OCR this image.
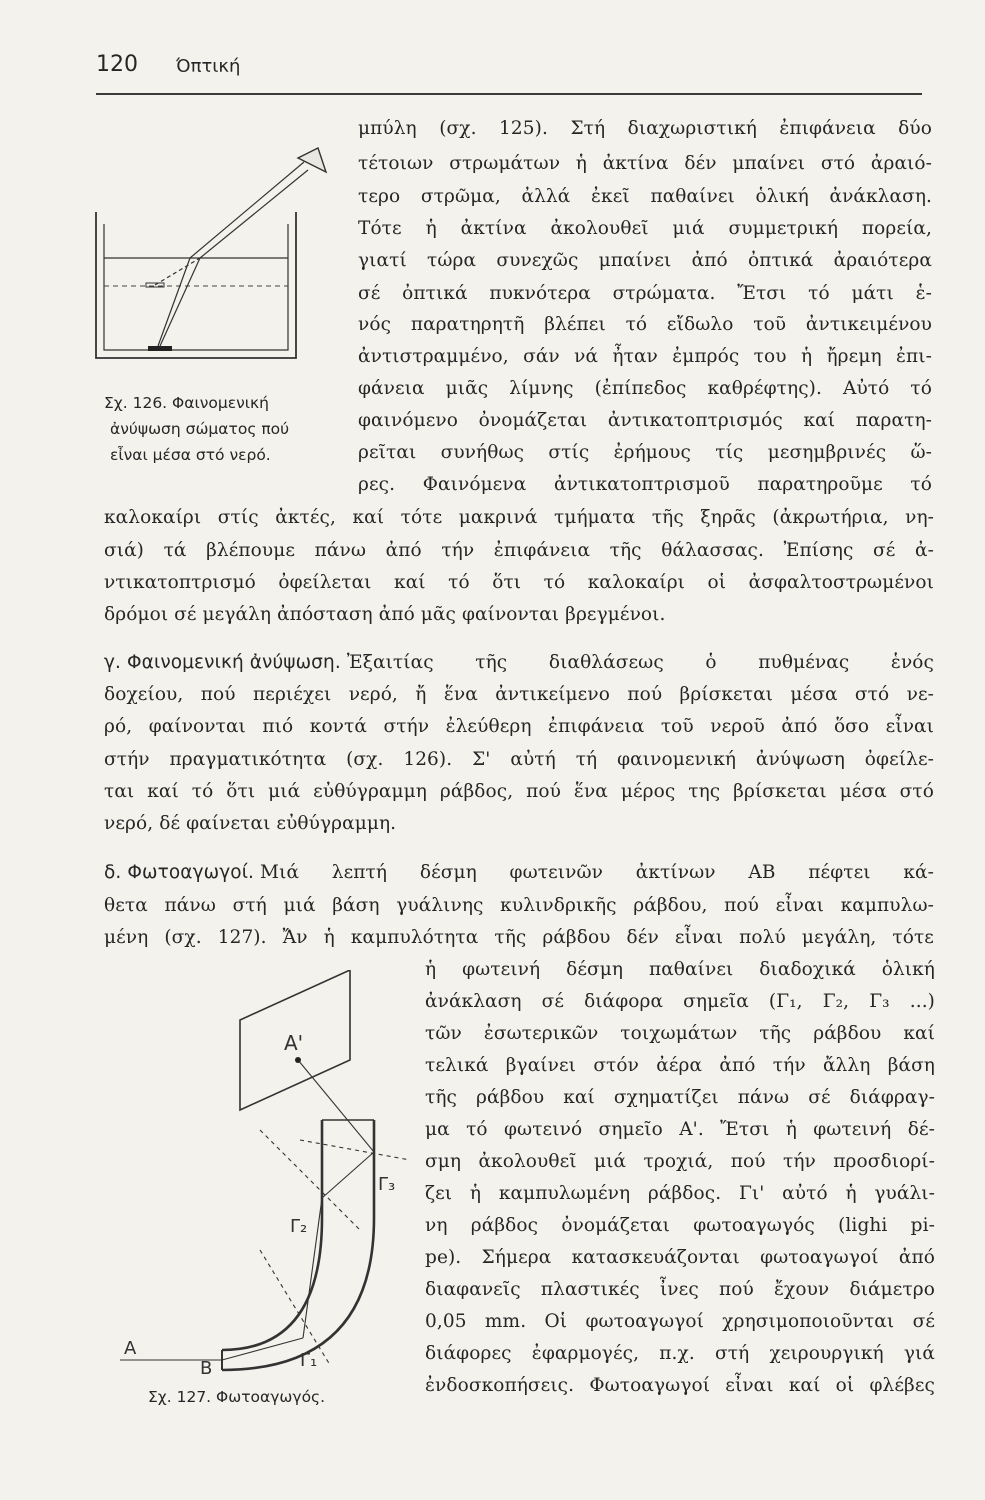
120 Όπτική
Σχ. 126. Φαινομενική
ἀνύψωση σώματος πού
εἶναι μέσα στό νερό.
μπύλη (σχ. 125). Στή διαχωριστική ἐπιφάνεια δύο
τέτοιων στρωμάτων ἡ ἀκτίνα δέν μπαίνει στό ἀραιό-
τερο στρῶμα, ἀλλά ἐκεῖ παθαίνει ὁλική ἀνάκλαση.
Τότε ἡ ἀκτίνα ἀκολουθεῖ μιά συμμετρική πορεία,
γιατί τώρα συνεχῶς μπαίνει ἀπό ὀπτικά ἀραιότερα
σέ ὀπτικά πυκνότερα στρώματα. Ἔτσι τό μάτι ἑ-
νός παρατηρητῆ βλέπει τό εἴδωλο τοῦ ἀντικειμένου
ἀντιστραμμένο, σάν νά ἦταν ἐμπρός του ἡ ἤρεμη ἐπι-
φάνεια μιᾶς λίμνης (ἐπίπεδος καθρέφτης). Αὐτό τό
φαινόμενο ὀνομάζεται ἀντικατοπτρισμός καί παρατη-
ρεῖται συνήθως στίς ἐρήμους τίς μεσημβρινές ὥ-
ρες. Φαινόμενα ἀντικατοπτρισμοῦ παρατηροῦμε τό
καλοκαίρι στίς ἀκτές, καί τότε μακρινά τμήματα τῆς ξηρᾶς (ἀκρωτήρια, νη-
σιά) τά βλέπουμε πάνω ἀπό τήν ἐπιφάνεια τῆς θάλασσας. Ἐπίσης σέ ἀ-
ντικατοπτρισμό ὀφείλεται καί τό ὅτι τό καλοκαίρι οἱ ἀσφαλτοστρωμένοι
δρόμοι σέ μεγάλη ἀπόσταση ἀπό μᾶς φαίνονται βρεγμένοι.
γ. Φαινομενική ἀνύψωση. Ἐξαιτίας τῆς διαθλάσεως ὁ πυθμένας ἑνός
δοχείου, πού περιέχει νερό, ἤ ἕνα ἀντικείμενο πού βρίσκεται μέσα στό νε-
ρό, φαίνονται πιό κοντά στήν ἐλεύθερη ἐπιφάνεια τοῦ νεροῦ ἀπό ὅσο εἶναι
στήν πραγματικότητα (σχ. 126). Σ' αὐτή τή φαινομενική ἀνύψωση ὀφείλε-
ται καί τό ὅτι μιά εὐθύγραμμη ράβδος, πού ἕνα μέρος της βρίσκεται μέσα στό
νερό, δέ φαίνεται εὐθύγραμμη.
δ. Φωτοαγωγοί. Μιά λεπτή δέσμη φωτεινῶν ἀκτίνων ΑΒ πέφτει κά-
θετα πάνω στή μιά βάση γυάλινης κυλινδρικῆς ράβδου, πού εἶναι καμπυλω-
μένη (σχ. 127). Ἄν ἡ καμπυλότητα τῆς ράβδου δέν εἶναι πολύ μεγάλη, τότε
ἡ φωτεινή δέσμη παθαίνει διαδοχικά ὁλική
ἀνάκλαση σέ διάφορα σημεῖα (Γ₁, Γ₂, Γ₃ ...)
τῶν ἐσωτερικῶν τοιχωμάτων τῆς ράβδου καί
τελικά βγαίνει στόν ἀέρα ἀπό τήν ἄλλη βάση
τῆς ράβδου καί σχηματίζει πάνω σέ διάφραγ-
μα τό φωτεινό σημεῖο Α'. Ἔτσι ἡ φωτεινή δέ-
σμη ἀκολουθεῖ μιά τροχιά, πού τήν προσδιορί-
ζει ἡ καμπυλωμένη ράβδος. Γι' αὐτό ἡ γυάλι-
νη ράβδος ὀνομάζεται φωτοαγωγός (lighi pi-
pe). Σήμερα κατασκευάζονται φωτοαγωγοί ἀπό
διαφανεῖς πλαστικές ἶνες πού ἔχουν διάμετρο
0,05 mm. Οἱ φωτοαγωγοί χρησιμοποιοῦνται σέ
διάφορες ἐφαρμογές, π.χ. στή χειρουργική γιά
ἐνδοσκοπήσεις. Φωτοαγωγοί εἶναι καί οἱ φλέβες
Α'
Γ₃
Γ₂
Γ₁
Α
Β
Σχ. 127. Φωτοαγωγός.
